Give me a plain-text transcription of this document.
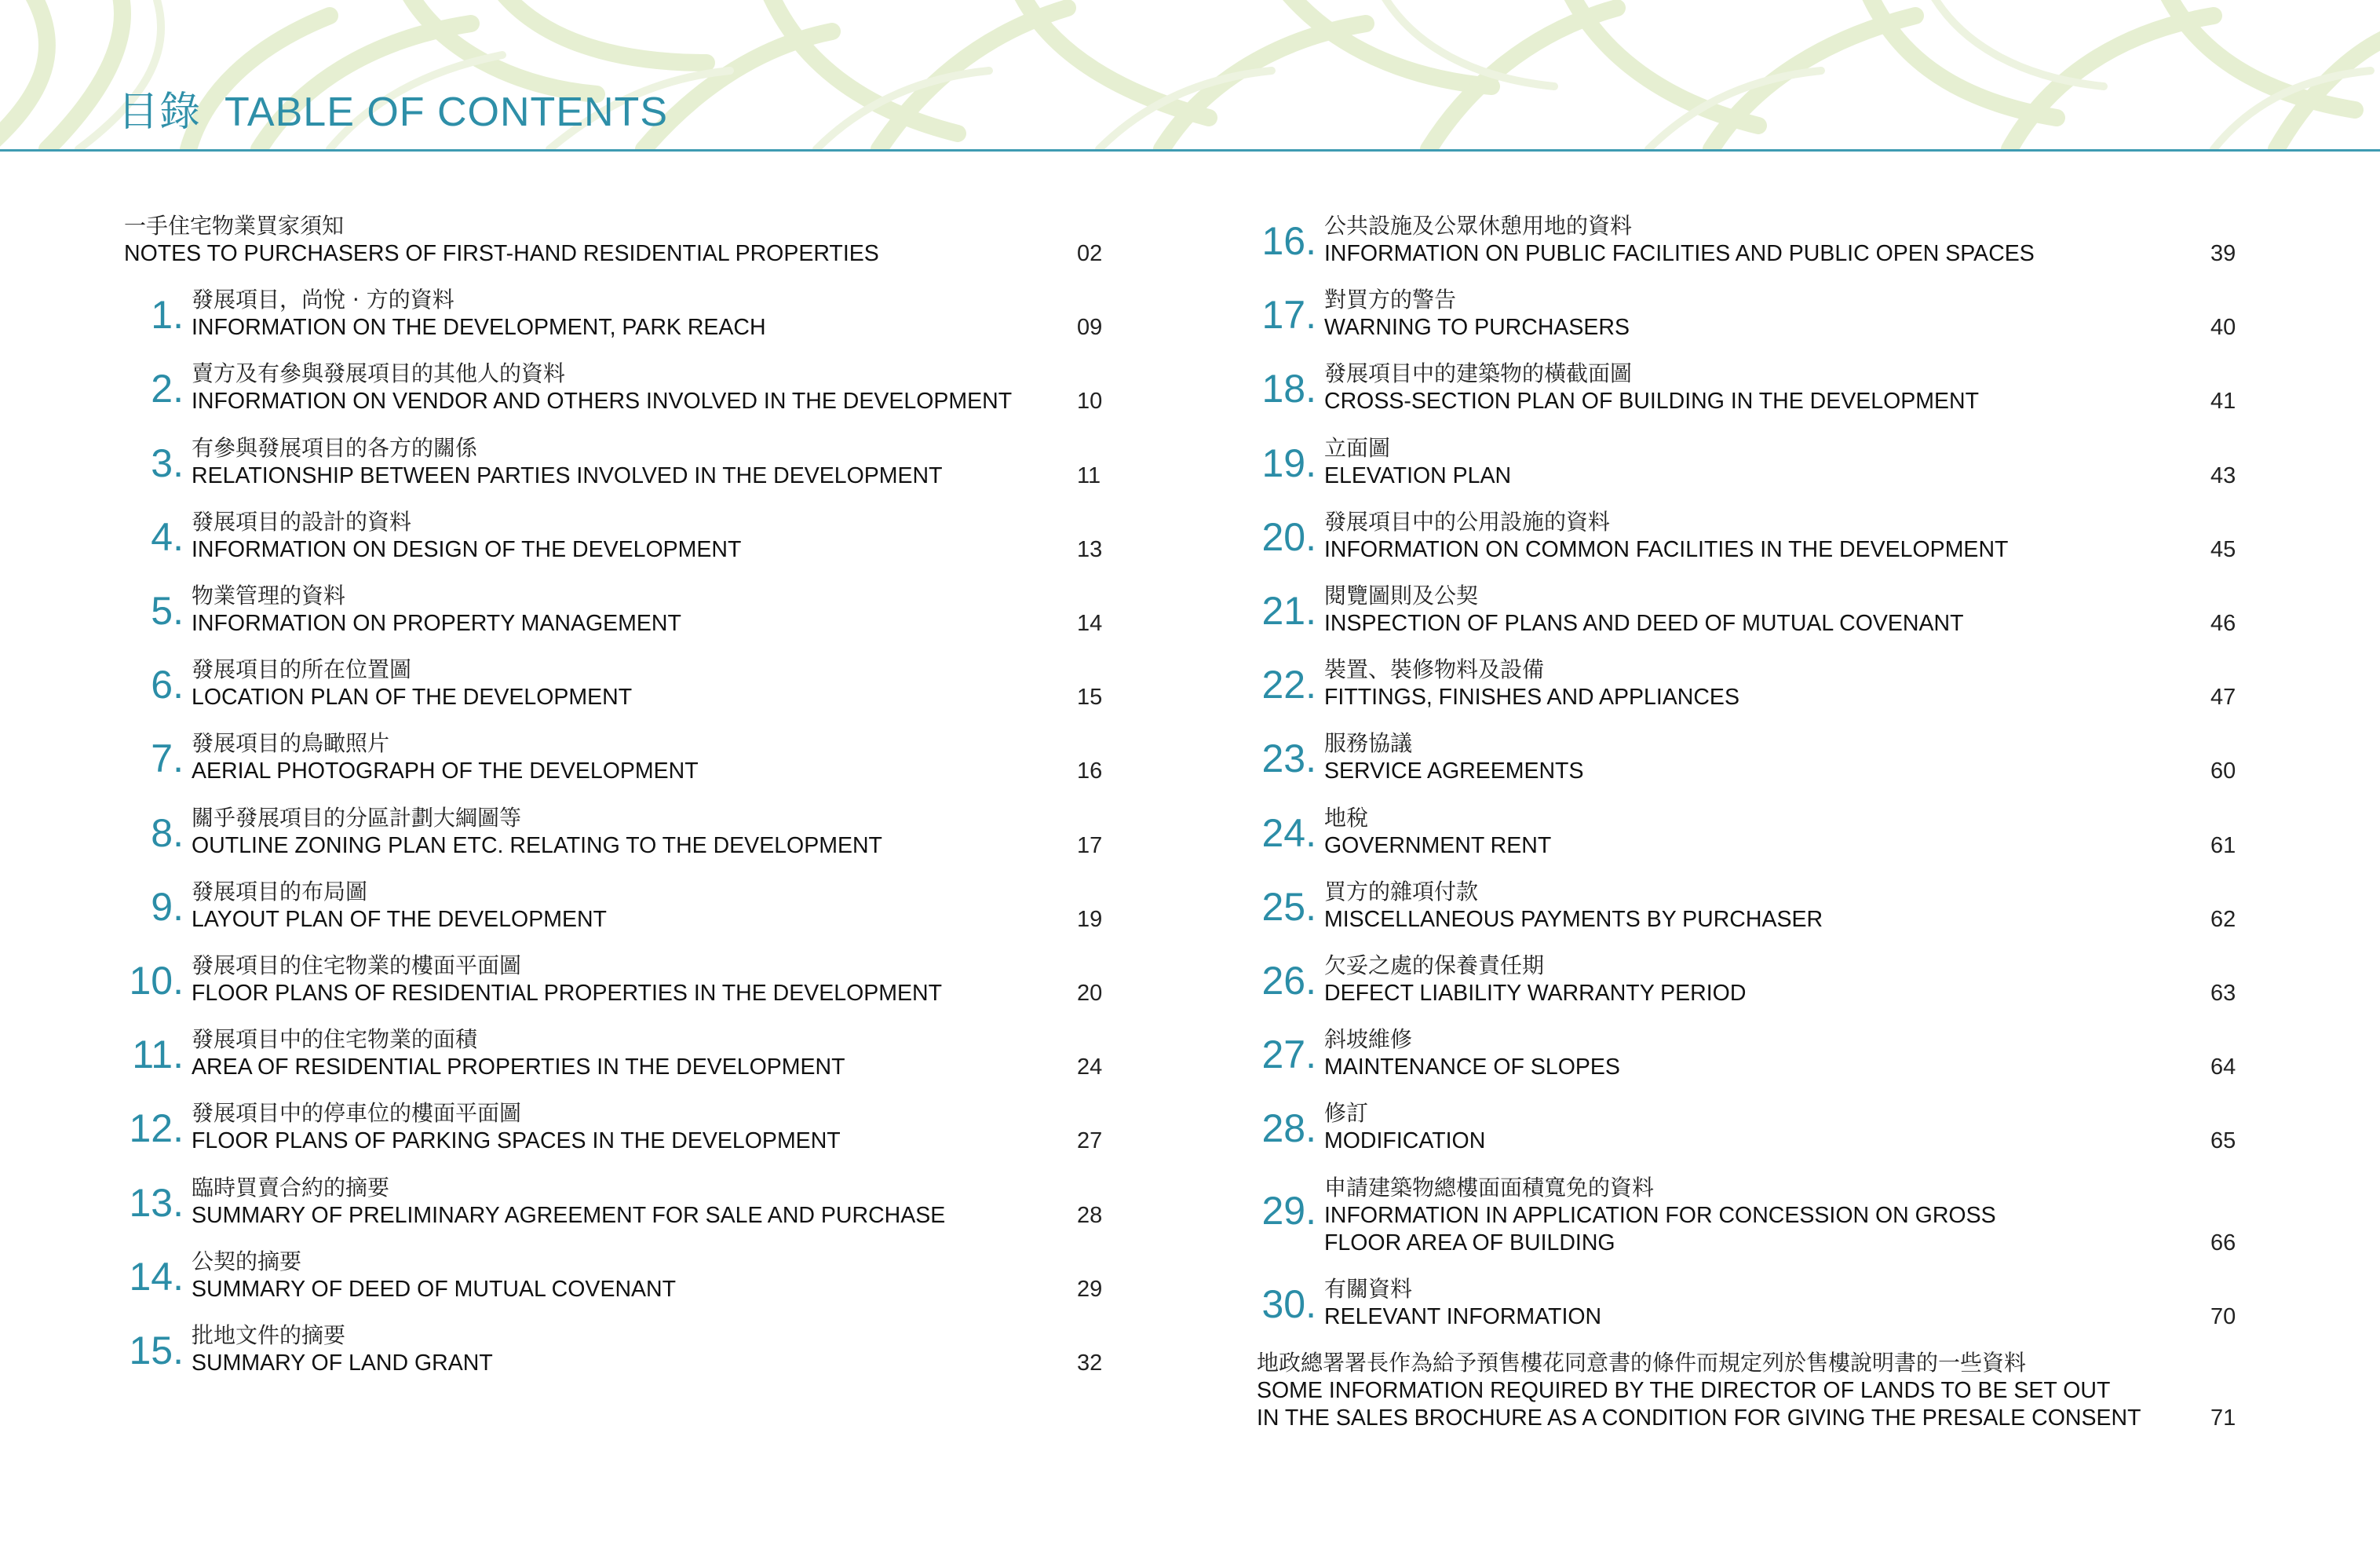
目錄 TABLE OF CONTENTS
一手住宅物業買家須知
NOTES TO PURCHASERS OF FIRST-HAND RESIDENTIAL PROPERTIES	02
1. 發展項目，尚悅 · 方的資料
INFORMATION ON THE DEVELOPMENT, PARK REACH	09
2. 賣方及有參與發展項目的其他人的資料
INFORMATION ON VENDOR AND OTHERS INVOLVED IN THE DEVELOPMENT	10
3. 有參與發展項目的各方的關係
RELATIONSHIP BETWEEN PARTIES INVOLVED IN THE DEVELOPMENT	11
4. 發展項目的設計的資料
INFORMATION ON DESIGN OF THE DEVELOPMENT	13
5. 物業管理的資料
INFORMATION ON PROPERTY MANAGEMENT	14
6. 發展項目的所在位置圖
LOCATION PLAN OF THE DEVELOPMENT	15
7. 發展項目的鳥瞰照片
AERIAL PHOTOGRAPH OF THE DEVELOPMENT	16
8. 關乎發展項目的分區計劃大綱圖等
OUTLINE ZONING PLAN ETC. RELATING TO THE DEVELOPMENT	17
9. 發展項目的布局圖
LAYOUT PLAN OF THE DEVELOPMENT	19
10. 發展項目的住宅物業的樓面平面圖
FLOOR PLANS OF RESIDENTIAL PROPERTIES IN THE DEVELOPMENT	20
11. 發展項目中的住宅物業的面積
AREA OF RESIDENTIAL PROPERTIES IN THE DEVELOPMENT	24
12. 發展項目中的停車位的樓面平面圖
FLOOR PLANS OF PARKING SPACES IN THE DEVELOPMENT	27
13. 臨時買賣合約的摘要
SUMMARY OF PRELIMINARY AGREEMENT FOR SALE AND PURCHASE	28
14. 公契的摘要
SUMMARY OF DEED OF MUTUAL COVENANT	29
15. 批地文件的摘要
SUMMARY OF LAND GRANT	32
16. 公共設施及公眾休憩用地的資料
INFORMATION ON PUBLIC FACILITIES AND PUBLIC OPEN SPACES	39
17. 對買方的警告
WARNING TO PURCHASERS	40
18. 發展項目中的建築物的橫截面圖
CROSS-SECTION PLAN OF BUILDING IN THE DEVELOPMENT	41
19. 立面圖
ELEVATION PLAN	43
20. 發展項目中的公用設施的資料
INFORMATION ON COMMON FACILITIES IN THE DEVELOPMENT	45
21. 閱覽圖則及公契
INSPECTION OF PLANS AND DEED OF MUTUAL COVENANT	46
22. 裝置、裝修物料及設備
FITTINGS, FINISHES AND APPLIANCES	47
23. 服務協議
SERVICE AGREEMENTS	60
24. 地稅
GOVERNMENT RENT	61
25. 買方的雜項付款
MISCELLANEOUS PAYMENTS BY PURCHASER	62
26. 欠妥之處的保養責任期
DEFECT LIABILITY WARRANTY PERIOD	63
27. 斜坡維修
MAINTENANCE OF SLOPES	64
28. 修訂
MODIFICATION	65
29.
申請建築物總樓面面積寬免的資料
INFORMATION IN APPLICATION FOR CONCESSION ON GROSS
FLOOR AREA OF BUILDING	66
30. 有關資料
RELEVANT INFORMATION	70
地政總署署長作為給予預售樓花同意書的條件而規定列於售樓說明書的一些資料
SOME INFORMATION REQUIRED BY THE DIRECTOR OF LANDS TO BE SET OUT
IN THE SALES BROCHURE AS A CONDITION FOR GIVING THE PRESALE CONSENT	71
